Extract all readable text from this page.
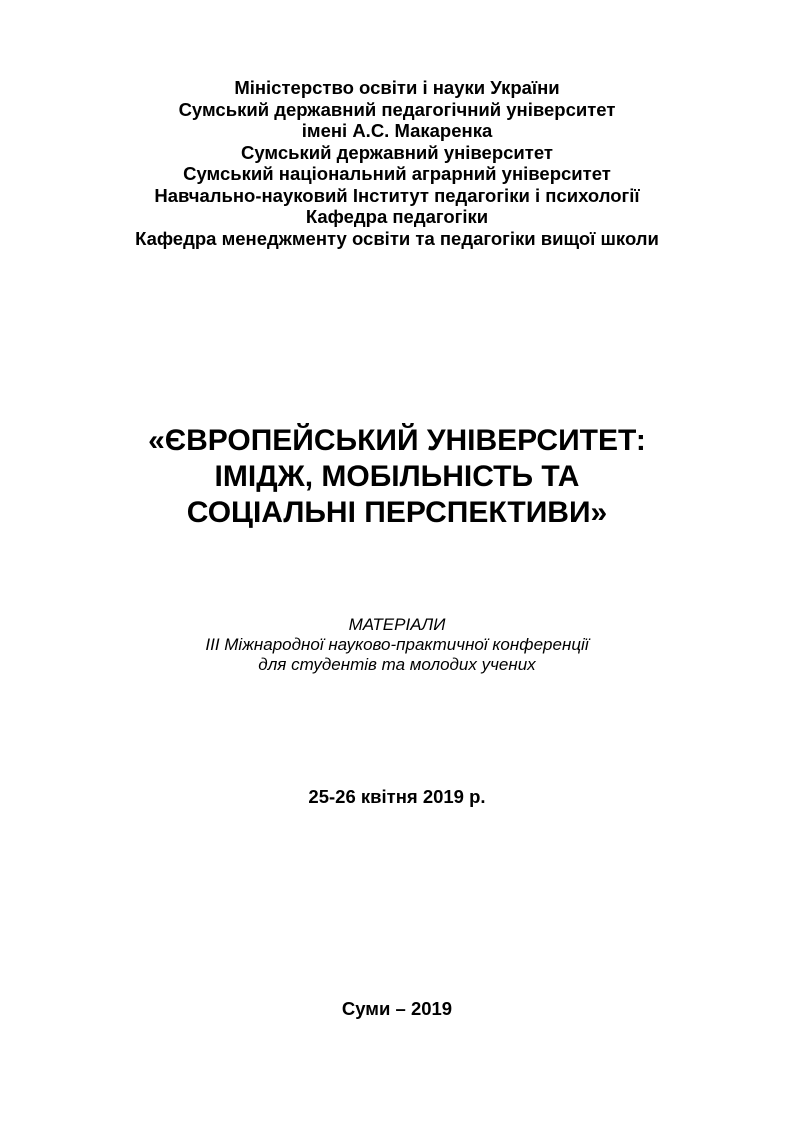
Міністерство освіти і науки України
Сумський державний педагогічний університет
імені А.С. Макаренка
Сумський державний університет
Сумський національний аграрний університет
Навчально-науковий Інститут педагогіки і психології
Кафедра педагогіки
Кафедра менеджменту освіти та педагогіки вищої школи
«ЄВРОПЕЙСЬКИЙ УНІВЕРСИТЕТ:
ІМІДЖ, МОБІЛЬНІСТЬ ТА
СОЦІАЛЬНІ ПЕРСПЕКТИВИ»
МАТЕРІАЛИ
ІІІ Міжнародної науково-практичної конференції
для студентів та молодих учених
25-26 квітня 2019 р.
Суми – 2019
